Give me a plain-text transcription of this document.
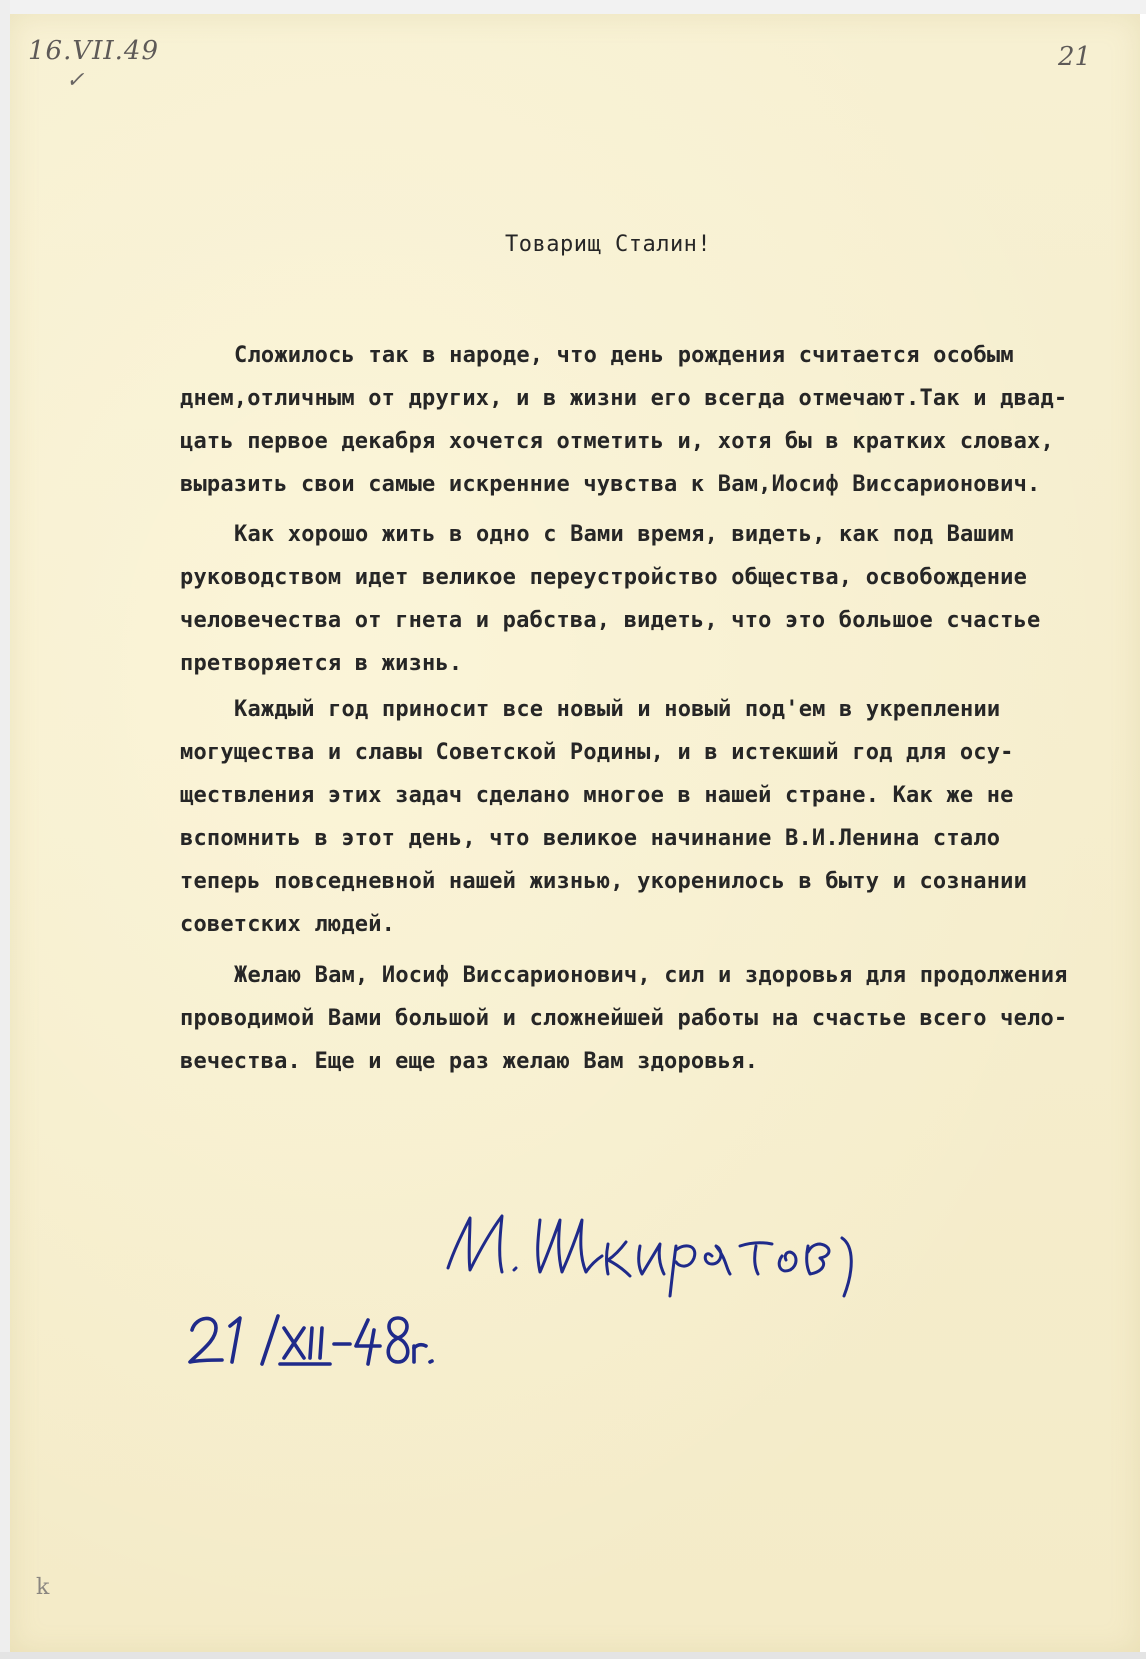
16.VII.49
✓
21
Товарищ Сталин!
Сложилось так в народе, что день рождения считается особым
днем,отличным от других, и в жизни его всегда отмечают.Так и двад-
цать первое декабря хочется отметить и, хотя бы в кратких словах,
выразить свои самые искренние чувства к Вам,Иосиф Виссарионович.
Как хорошо жить в одно с Вами время, видеть, как под Вашим
руководством идет великое переустройство общества, освобождение
человечества от гнета и рабства, видеть, что это большое счастье
претворяется в жизнь.
Каждый год приносит все новый и новый под'ем в укреплении
могущества и славы Советской Родины, и в истекший год для осу-
ществления этих задач сделано многое в нашей стране. Как же не
вспомнить в этот день, что великое начинание В.И.Ленина стало
теперь повседневной нашей жизнью, укоренилось в быту и сознании
советских людей.
Желаю Вам, Иосиф Виссарионович, сил и здоровья для продолжения
проводимой Вами большой и сложнейшей работы на счастье всего чело-
вечества. Еще и еще раз желаю Вам здоровья.
k
